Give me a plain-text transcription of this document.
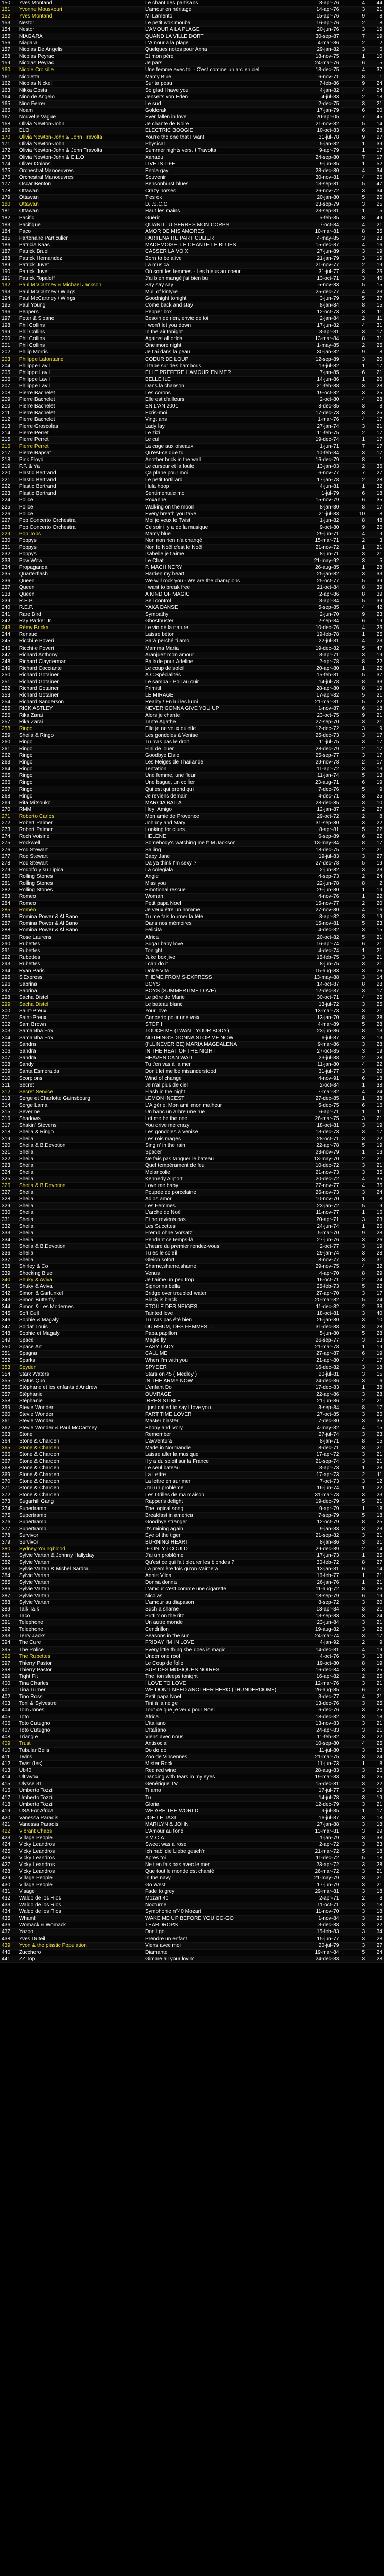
150	Yves Montand	Le chant des partisans	8-apr-76	4	44
151	Yvonne Mouskouri	L'amour en héritage	14-apr-76	3	21
152	Yves Montand	Mi Lamento	15-apr-76	9	8
153	Nestor	Le petit wok mouba	16-apr-76	2	8
154	Nestor	L'AMOUR A LA PLAGE	20-jun-76	3	19
155	NIAGARA	QUAND LA VILLE DORT	30-sep-87	7	19
156	Niagara	L'Amour à la plage	4-mar-86	2	2
157	Nicolas De Angelis	Quelques notes pour Anna	29-jan-82	3	6
158	Nicolas Peyrac	Et mon père	18-nov-75	1	10
159	Nicolas Peyrac	Je pars	24-mar-76	6	5
160	Nicole Croisille	Une femme avec toi - C'est comme un arc en ciel	18-dec-75	4	37
161	Nicoletta	Mamy Blue	6-nov-71	8	1
162	Nicolas Nickel	Sur ta peau	7-feb-86	9	24
163	Nikka Costa	So glad I have you	4-jan-82	4	24
164	Nino de Angelo	Jenseits von Eden	4-jul-83	2	18
165	Nino Ferrer	Le sud	2-dec-75	3	21
166	Noam	Goldorak	17-jan-79	6	20
167	Nouvelle Vague	Ever fallen in love	20-apr-05	7	45
168	Olivia Newton-John	Je chante de Noire	21-nov-82	5	14
169	ELO	ELECTRIC BOOGIE	10-oct-83	6	28
170	Olivia Newton-John & John Travolta	You're the one that I want	31-jul-78	9	27
171	Olivia Newton-John	Physical	5-jan-82	1	39
172	Olivia Newton-John & John Travolta	Summer nights vers. t Travolta	9-apr-79	1	17
173	Olivia Newton-John & E.L.O	Xanadu	24-sep-80	7	17
174	Oliver Onions	LIVE IS LIFE	9-jun-85	1	52
175	Orchestral Manoeuvres	Enola gay	28-dec-80	4	34
176	Orchestral Manoeuvres	Souvenir	30-nov-81	4	26
177	Oscar Benton	Bensonhurst blues	13-sep-81	5	47
178	Ottawan	Crazy horses	26-nov-72	3	34
179	Ottawan	T'es ok	20-jan-80	5	25
180	Ottawan	D.I.S.C.O	23-sep-79	3	25
181	Ottawan	Haut les mains	23-sep-81	1	5
182	Pacific	Guérir	5-feb-85	8	49
183	Pacifique	QUAND TU SERRES MON CORPS	7-oct-84	4	21
184	Paco	AMOR DE MIS AMORES	10-mar-81	8	35
185	Partenaire Particulier	PARTENAIRE PARTICULIER	4-may-85	3	23
186	Patricia Kaas	MADEMOISELLE CHANTE LE BLUES	15-dec-87	4	16
187	Patrick Bruel	CASSER LA VOIX	27-jun-89	3	19
188	Patrick Hernandez	Born to be alive	21-jan-79	3	19
189	Patrick Juvet	La musica	21-nov-77	2	19
190	Patrick Juvet	Où sont les femmes - Les bleus au coeur	31-jul-77	8	25
191	Patrick Topaloff	J'ai bien mangé j'ai bien bu	13-oct-71	3	40
192	Paul McCartney & Michael Jackson	Say say say	5-nov-83	5	15
193	Paul McCartney / Wings	Mull of kintyre	25-dec-77	4	23
194	Paul McCartney / Wings	Goodnight tonight	3-jun-79	5	37
195	Paul Young	Come back and stay	8-jan-84	8	15
196	Peppers	Pepper box	12-oct-73	3	11
197	Peter & Sloane	Besoin de rien, envie de toi	2-jan-84	2	11
198	Phil Collins	I won't let you down	17-jun-82	4	31
199	Phil Collins	In the air tonight	3-apr-81	3	17
200	Phil Collins	Against all odds	13-mar-84	8	31
201	Phil Collins	One more night	1-may-85	2	25
202	Philip Morris	Je t'ai dans la peau	30-jan-82	9	8
203	Philippe Lafontaine	COEUR DE LOUP	12-sep-89	3	20
204	Philippe Lavil	Il tape sur des bambous	13-jul-82	1	17
205	Philippe Lavil	ELLE PREFERE L'AMOUR EN MER	7-jan-85	6	21
206	Philippe Lavil	BELLE ILE	14-jun-86	1	20
207	Philippe Lavil	Dans la chanson	21-feb-88	3	28
208	Pierre Bachelet	Les corons	19-oct-82	3	25
209	Pierre Bachelet	Elle est d'ailleurs	2-oct-80	4	28
210	Pierre Bachelet	EN L'AN 2001	8-dec-85	3	8
211	Pierre Bachelet	Ecris-moi	17-dec-73	3	25
212	Pierre Bachelet	Vingt ans	1-mar-76	4	17
213	Pierre Groscolas	Lady lay	27-jan-74	3	21
214	Pierre Perret	Le zizi	11-feb-75	2	17
215	Pierre Perret	Le cul	19-dec-74	1	17
216	Pierre Perret	La cage aux oiseaux	1-jun-71	7	17
217	Pierre Rapsat	Qu'est-ce que tu	10-feb-84	3	17
218	Pink Floyd	Another brick in the wall	16-dec-79	8	1
219	P.F. & Ya	Le curseur et la foule	13-jan-03	2	36
220	Plastic Bertrand	Ça plane pour moi	6-nov-77	7	27
221	Plastic Bertrand	Le petit tortillard	17-jan-78	2	28
222	Plastic Bertrand	Hula hoop	4-jun-81	1	32
223	Plastic Bertrand	Sentimentale moi	1-jul-79	6	18
224	Police	Roxanne	15-nov-79	6	35
225	Police	Walking on the moon	8-jan-80	8	17
226	Police	Every breath you take	21-jul-83	10	8
227	Pop Concerto Orchestra	Moi je veux le Twist	1-jun-82	8	48
228	Pop Concerto Orchestra	Ce soir il y a de la musique	9-oct-80	9	26
229	Pop Tops	Mamy blue	29-jun-71	4	9
230	Poppys	Non non rien n'a changé	15-mar-71	2	3
231	Poppys	Non le Noël c'est le Noël	21-nov-72	1	21
232	Poppys	Isabelle je t'aime	8-jun-71	3	21
233	Pow Wow	Le Chat	21-may-92	3	5
234	Propaganda	P. MACHINERY	26-aug-85	1	28
235	Quarterflash	Harden my heart	25-jan-82	3	33
236	Queen	We will rock you - We are the champions	25-oct-77	5	39
237	Queen	I want to break free	21-oct-84	8	39
238	Queen	A KIND OF MAGIC	2-apr-86	8	39
239	R.E.P.	Sell control	3-apr-84	5	39
240	R.E.P.	YAKA DANSE	5-sep-85	4	42
241	Rare Bird	Sympathy	2-jun-70	9	23
242	Ray Parker Jr.	Ghostbuster	2-sep-84	6	19
243	Rémy Bricka	Le vin de la nature	10-dec-76	4	25
244	Renaud	Laisse béton	19-feb-78	1	25
245	Ricchi e Poveri	Sarà perché ti amo	22-jul-81	4	23
246	Ricchi e Poveri	Mamma Maria	19-dec-82	5	47
247	Richard Anthony	Aranjuez mon amour	8-apr-71	3	19
248	Richard Clayderman	Ballade pour Adeline	2-apr-78	8	22
249	Richard Cocciante	Le coup de soleil	20-apr-80	1	22
250	Richard Gotainer	A.C.Spécialités	15-feb-81	5	37
251	Richard Gotainer	Le sampa - Poil au cuir	14-jul-78	8	33
252	Richard Gotainer	Primitif	28-apr-80	8	19
253	Richard Gotainer	LE MIRAGE	17-apr-82	5	21
254	Richard Sanderson	Reality / En lui les lumi	21-mar-81	5	22
255	RICK ASTLEY	NEVER GONNA GIVE YOU UP	1-nov-87	6	18
256	Rika Zarai	Alors je chante	23-oct-75	9	21
257	Rika Zarai	Tante Agathe	27-sep-70	3	21
258	Ringo	Elle je ne veux qu'elle	12-dec-72	3	9
259	Sheila & Ringo	Les gondoles à Venise	25-dec-73	3	17
260	Ringo	Tu n'as pas le droit	11-jul-75	3	17
261	Ringo	Fini de jouer	28-dec-79	2	17
262	Ringo	Goodbye Elsie	25-sep-77	3	17
263	Ringo	Les Neiges de Thaïlande	29-nov-78	2	17
264	Ringo	Tentation	11-apr-72	3	13
265	Ringo	Une femme, une fleur	11-jan-74	5	13
266	Ringo	Une bague, un collier	23-aug-71	6	19
267	Ringo	Qui est qui prend qui	7-dec-76	5	9
268	Ringo	Je reviens demain	4-dec-71	3	25
269	Rita Mitsouko	MARCIA BAILA	28-dec-85	3	10
270	RMM	Hey! Amigo	12-jan-87	2	27
271	Roberto Carlos	Mon amie de Provence	29-oct-72	2	8
272	Robert Palmer	Johnny and Mary	31-sep-80	3	22
273	Robert Palmer	Looking for clues	8-apr-81	5	22
274	Roch Voisine	HELENE	6-sep-89	6	22
275	Rockwell	Somebody's watching me ft M Jackson	13-may-84	8	17
276	Rod Stewart	Sailing	18-dec-75	2	21
277	Rod Stewart	Baby Jane	19-jul-83	3	27
278	Rod Stewart	Da ya think I'm sexy ?	27-dec-78	5	19
279	Rodolfo y su Tipica	La colegiala	2-jun-82	3	23
280	Rolling Stones	Angie	4-sep-73	2	24
281	Rolling Stones	Miss you	22-jun-78	8	2
282	Rolling Stones	Emotional rescue	29-jun-80	1	19
283	Romeo	Woman	4-nov-76	1	22
284	Romeo	Petit papa Noël	15-nov-77	2	20
285	Roméo	Je veux être un homme	27-nov-80	4	16
286	Romina Power & Al Bano	Tu me fais tourner la tête	8-apr-82	3	19
287	Romina Power & Al Bano	Dans nos mémoires	15-nov-81	5	23
288	Romina Power & Al Bano	Felicità	4-dec-82	3	15
289	Rose Laurens	Africa	20-oct-82	5	21
290	Rubettes	Sugar baby love	16-apr-74	6	21
291	Rubettes	Tonight	4-dec-74	1	21
292	Rubettes	Juke box jive	15-feb-75	3	21
293	Rubettes	I can do it	8-jun-75	3	21
294	Ryan Paris	Dolce Vita	15-aug-83	3	26
295	S'Express	THEME FROM S-EXPRESS	13-may-88	3	14
296	Sabrina	BOYS	14-oct-87	8	28
297	Sabrina	BOYS (SUMMERTIME LOVE)	12-dec-87	3	17
298	Sacha Distel	Le père de Marie	30-oct-71	4	25
299	Sacha Distel	Le bateau blanc	13-jul-72	3	25
300	Saint-Preux	Your love	13-mar-73	3	21
301	Saint-Preux	Concerto pour une voix	13-jan-70	8	28
302	Sam Brown	STOP !	4-mar-89	5	28
303	Samantha Fox	TOUCH ME (I WANT YOUR BODY)	23-jun-86	8	13
304	Samantha Fox	NOTHING'S GONNA STOP ME NOW	6-jul-87	3	13
305	Sandra	(I'LL NEVER BE) MARIA MAGDALENA	9-mar-86	3	28
306	Sandra	IN THE HEAT OF THE NIGHT	27-oct-85	3	19
307	Sandra	HEAVEN CAN WAIT	23-jul-88	2	28
308	Sandy	Tu t'en vas à la mer	11-jan-80	4	22
309	Santa Esmeralda	Don't let me be misunderstood	31-jul-77	3	20
310	Scorpions	Wind of change	4-nov-91	6	18
311	Secret	Je n'ai plus de ciel	2-oct-84	1	38
312	Secret Service	Flash in the night	7-mar-82	4	24
313	Serge et Charlotte Gainsbourg	LEMON INCEST	27-dec-85	1	38
314	Serge Lama	L'Algérie, Mon ami, mon malheur	5-dec-75	6	16
315	Severine	Un banc un arbre une rue	6-apr-71	1	11
316	Shadows	Let me be the one	26-mar-75	3	21
317	Shakin' Stevens	You drive me crazy	18-oct-81	3	19
318	Sheila & Ringo	Les gondoles à Venise	13-dec-73	3	17
319	Sheila	Les rois mages	28-oct-71	3	22
320	Sheila & B.Devotion	Singin' in the rain	22-apr-78	5	19
321	Sheila	Spacer	23-nov-79	1	13
322	Sheila	Ne fais pas tanguer le bateau	13-may-70	2	21
323	Sheila	Quel tempérament de feu	10-dec-72	3	21
324	Sheila	Melancolie	21-nov-73	3	35
325	Sheila	Kennedy Airport	20-dec-72	4	35
326	Sheila & B.Devotion	Love me baby	27-nov-77	4	35
327	Sheila	Poupée de porcelaine	26-nov-73	3	24
328	Sheila	Adios amor	10-nov-70	1	8
329	Sheila	Les Femmes	23-jan-72	5	9
330	Sheila	L'arche de Noé	11-nov-77	1	16
331	Sheila	Et ne reviens pas	20-apr-71	3	23
332	Sheila	Les Sucettes	24-jun-74	1	26
333	Sheila	Fremd ohne Vorsatz	5-mar-70	9	28
334	Sheila	Pendant ce temps-là	27-jun-76	3	26
335	Sheila & B.Devotion	L'heure du premier rendez-vous	2-oct-77	3	19
336	Sheila	Tu es le soleil	29-jan-74	3	28
337	Sheila	Gleich sofort	8-nov-77	3	31
338	Shirley & Co	Shame,shame,shame	29-nov-75	4	32
339	Shocking Blue	Venus	4-apr-70	8	29
340	Shuky & Aviva	Je t'aime un peu trop	16-oct-71	2	24
341	Shuky & Aviva	Signorina bella	25-feb-73	5	22
342	Simon & Garfunkel	Bridge over troubled water	27-apr-70	3	17
343	Simon Butterfly	Black is black	20-mar-82	5	24
344	Simon & Les Modernes	ETOILE DES NEIGES	11-dec-82	2	38
345	Soft Cell	Tainted love	18-oct-81	3	40
346	Sophie & Magaly	Tu n'as pas été bien	26-jan-80	3	10
347	Soldat Louis	DU RHUM, DES FEMMES...	31-dec-88	3	28
348	Sophie et Magaly	Papa papillon	5-jun-80	5	28
349	Space	Magic fly	26-sep-77	3	13
350	Space Art	EASY LADY	21-mar-78	1	19
351	Spagna	CALL ME	27-apr-87	6	19
352	Sparks	When I'm with you	21-apr-80	4	17
353	Spyder	SPYDER	16-dec-82	3	18
354	Stark Waters	Stars on 45 ( Medley )	20-jul-81	3	15
355	Status Quo	IN THE ARMY NOW	24-dec-86	3	6
356	Stéphane et les enfants d'Andrew	L'enfant Do	17-dec-83	1	38
357	Stéphanie	OUVRAGE	22-apr-86	3	28
358	Stéphanie	IRRESISTIBLE	21-jun-86	2	21
359	Stevie Wonder	I just called to say I love you	3-sep-84	8	17
360	Stevie Wonder	PART TIME LOVER	27-oct-85	3	26
361	Stevie Wonder	Master blaster	7-dec-80	3	35
362	Stevie Wonder & Paul McCartney	Ebony and ivory	4-may-82	4	15
363	Stone	Remember	27-jul-74	3	23
364	Stone & Charden	L'avventura	8-jan-71	8	15
365	Stone & Charden	Made in Normandie	8-dec-71	3	21
366	Stone & Charden	Laisse aller la musique	17-apr-72	3	21
367	Stone & Charden	Il y a du soleil sur la France	21-sep-74	3	21
368	Stone & Charden	Le seul bateau	8-apr-73	1	23
369	Stone & Charden	La Lettre	17-apr-73	2	11
370	Stone & Charden	La lettre en sur mer	7-oct-73	3	12
371	Stone & Charden	J'ai un problème	16-jun-74	1	22
372	Stone & Charden	Les Grilles de ma maison	31-mar-73	3	23
373	Sugarhill Gang	Rapper's delight	19-dec-79	5	21
374	Supertramp	The logical song	9-apr-79	1	18
375	Supertramp	Breakfast in america	7-sep-79	5	18
376	Supertramp	Goodbye stranger	12-oct-79	8	25
377	Supertramp	It's raining again	9-jan-83	3	23
378	Survivor	Eye of the tiger	21-sep-82	3	21
379	Survivor	BURNING HEART	8-jan-86	3	21
380	Sydney Youngblood	IF ONLY I COULD	29-dec-89	2	14
381	Sylvie Vartan & Johnny Hallyday	J'ai un problème	17-jun-73	1	25
382	Sylvie Vartan	Qu'est ce qui fait pleurer les blondes ?	30-feb-72	8	27
383	Sylvie Vartan & Michel Sardou	La première fois qu'on s'aimera	13-jan-81	6	14
384	Sylvie Vartan	Annie Vilda	16-feb-77	1	21
385	Sylvie Vartan	Donna donna	26-jan-76	1	21
386	Sylvie Vartan	L'amour c'est comme une cigarette	11-aug-72	8	26
387	Sylvie Vartan	Nicolas	18-sep-79	6	19
388	Sylvie Vartan	L'amour au diapason	8-sep-72	3	20
389	Talk Talk	Such a shame	13-apr-84	3	21
390	Taco	Puttin' on the ritz	13-sep-83	3	24
391	Telephone	Un autre monde	23-jun-84	3	21
392	Telephone	Cendrillon	19-aug-82	3	22
393	Terry Jacks	Seasons in the sun	24-mar-74	3	17
394	The Cure	FRIDAY I'M IN LOVE	4-jan-92	2	9
395	The Police	Every little thing she does is magic	14-dec-81	4	19
396	The Rubettes	Under one roof	4-oct-76	3	18
397	Thierry Pastor	Le Coup de folie	19-oct-80	8	19
398	Thierry Pastor	SUR DES MUSIQUES NOIRES	16-dec-84	3	25
399	Tight Fit	The lion sleeps tonight	16-apr-82	2	25
400	Tina Charles	I LOVE TO LOVE	12-mar-76	3	21
401	Tina Turner	WE DON'T NEED ANOTHER HERO (THUNDERDOME)	26-aug-85	6	21
402	Tino Rossi	Petit papa Noël	3-dec-77	4	21
403	Toni & Sylvestre	Tini à la neige	13-dec-76	3	25
404	Tom Jones	Tout ce que je veux pour Noël	6-dec-76	3	25
405	Toto	Africa	18-dec-82	3	18
406	Toto Cutugno	L'italiano	13-nov-83	3	21
407	Toto Cutugno	L'Italiano	24-apr-83	3	21
408	Triangle	Viens avec nous	11-feb-82	3	22
409	Trust	Antisocial	10-sep-80	4	25
410	Tubular Bells	Do do do	11-jul-80	3	28
411	Twins	Zoo de Vincennes	21-mar-75	3	24
412	Twist (les)	Mister Rock	11-jun-73	1	8
413	Ub40	Red red wine	28-aug-83	3	26
414	Ultravox	Dancing with tears in my eyes	19-mar-83	8	25
415	Ulysse 31	Générique TV	15-dec-81	3	22
416	Umberto Tozzi	Ti amo	17-jul-77	3	19
417	Umberto Tozzi	Tu	14-jul-78	3	19
418	Umberto Tozzi	Gloria	12-dec-79	3	21
419	USA For Africa	WE ARE THE WORLD	9-jul-85	1	17
420	Vanessa Paradis	JOE LE TAXI	16-jul-87	3	18
421	Vanessa Paradis	MARILYN & JOHN	27-jan-88	3	18
422	Vibrant Chaos	L'Amour au fond	13-mar-81	3	29
423	Village People	Y.M.C.A.	1-jan-79	3	38
424	Vicky Leandros	Sweet was a rose	2-apr-72	3	23
425	Vicky Leandros	Ich hab' die Liebe geseh'n	21-mar-72	5	18
426	Vicky Leandros	Apres toi	11-dec-72	5	18
427	Vicky Leandros	Ne t'en fais pas avec le mer	23-apr-72	3	28
428	Vicky Leandros	Que tout le monde est chanté	26-mar-72	3	21
429	Village People	In the navy	21-may-79	3	21
430	Village People	Go West	17-jun-79	3	21
431	Visage	Fade to grey	29-mar-81	3	18
432	Waldo de los Rios	Mozart 40	2-apr-71	2	8
433	Waldo de los Rios	Nocturne	11-oct-71	3	18
434	Waldo de los Rios	Symphonie n°40 Mozart	11-nov-70	3	18
435	Wham!	WAKE ME UP BEFORE YOU GO-GO	1-nov-84	3	25
436	Womack & Womack	TEARDROPS	3-dec-88	3	22
437	Yazoo	Don't go	15-feb-83	3	34
438	Yves Duteil	Prendre un enfant	15-jun-77	3	28
439	Yvon & the plastic Population	Viens avec moi	20-jul-79	3	27
440	Zucchero	Diamante	19-mar-84	5	24
441	ZZ Top	Gimme all your lovin'	24-dec-83	3	28
